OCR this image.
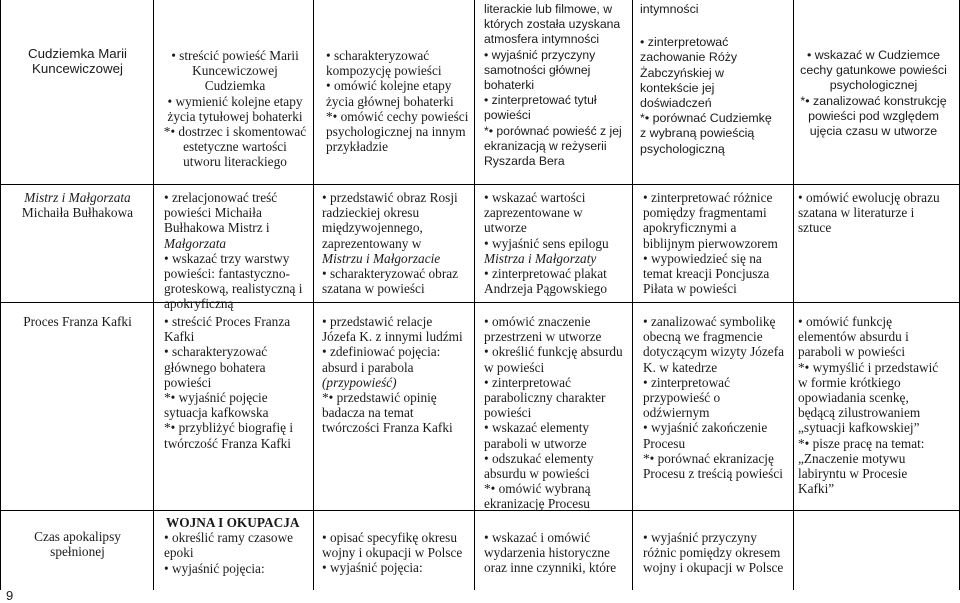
Cudziemka Marii
Kuncewiczowej
• streścić powieść Marii
Kuncewiczowej
Cudziemka
• wymienić kolejne etapy
życia tytułowej bohaterki
*• dostrzec i skomentować
estetyczne wartości
utworu literackiego
• scharakteryzować
kompozycję powieści
• omówić kolejne etapy
życia głównej bohaterki
*• omówić cechy powieści
psychologicznej na innym
przykładzie
literackie lub filmowe, w
których została uzyskana
atmosfera intymności
• wyjaśnić przyczyny
samotności głównej
bohaterki
• zinterpretować tytuł
powieści
*• porównać powieść z jej
ekranizacją w reżyserii
Ryszarda Bera
intymności
• zinterpretować
zachowanie Róży
Żabczyńskiej w
kontekście jej
doświadczeń
*• porównać Cudziemkę
z wybraną powieścią
psychologiczną
• wskazać w Cudziemce
cechy gatunkowe powieści
psychologicznej
*• zanalizować konstrukcję
powieści pod względem
ujęcia czasu w utworze
Mistrz i Małgorzata
Michaiła Bułhakowa
• zrelacjonować treść
powieści Michaiła
Bułhakowa Mistrz i
Małgorzata
• wskazać trzy warstwy
powieści: fantastyczno-
groteskową, realistyczną i
apokryficzną
• przedstawić obraz Rosji
radzieckiej okresu
międzywojennego,
zaprezentowany w
Mistrzu i Małgorzacie
• scharakteryzować obraz
szatana w powieści
• wskazać wartości
zaprezentowane w
utworze
• wyjaśnić sens epilogu
Mistrza i Małgorzaty
• zinterpretować plakat
Andrzeja Pągowskiego
• zinterpretować różnice
pomiędzy fragmentami
apokryficznymi a
biblijnym pierwowzorem
• wypowiedzieć się na
temat kreacji Poncjusza
Piłata w powieści
• omówić ewolucję obrazu
szatana w literaturze i
sztuce
Proces Franza Kafki	• streścić Proces Franza
Kafki
• scharakteryzować
głównego bohatera
powieści
*• wyjaśnić pojęcie
sytuacja kafkowska
*• przybliżyć biografię i
twórczość Franza Kafki
• przedstawić relacje
Józefa K. z innymi ludźmi
• zdefiniować pojęcia:
absurd i parabola
(przypowieść)
*• przedstawić opinię
badacza na temat
twórczości Franza Kafki
• omówić znaczenie
przestrzeni w utworze
• określić funkcję absurdu
w powieści
• zinterpretować
paraboliczny charakter
powieści
• wskazać elementy
paraboli w utworze
• odszukać elementy
absurdu w powieści
*• omówić wybraną
ekranizację Procesu
• zanalizować symbolikę
obecną we fragmencie
dotyczącym wizyty Józefa
K. w katedrze
• zinterpretować
przypowieść o
odźwiernym
• wyjaśnić zakończenie
Procesu
*• porównać ekranizację
Procesu z treścią powieści
• omówić funkcję
elementów absurdu i
paraboli w powieści
*• wymyślić i przedstawić
w formie krótkiego
opowiadania scenkę,
będącą zilustrowaniem
„sytuacji kafkowskiej”
*• pisze pracę na temat:
„Znaczenie motywu
labiryntu w Procesie
Kafki”
Czas apokalipsy
spełnionej
WOJNA I OKUPACJA
• określić ramy czasowe
epoki
• wyjaśnić pojęcia:
• opisać specyfikę okresu
wojny i okupacji w Polsce
• wyjaśnić pojęcia:
• wskazać i omówić
wydarzenia historyczne
oraz inne czynniki, które
• wyjaśnić przyczyny
różnic pomiędzy okresem
wojny i okupacji w Polsce
9
